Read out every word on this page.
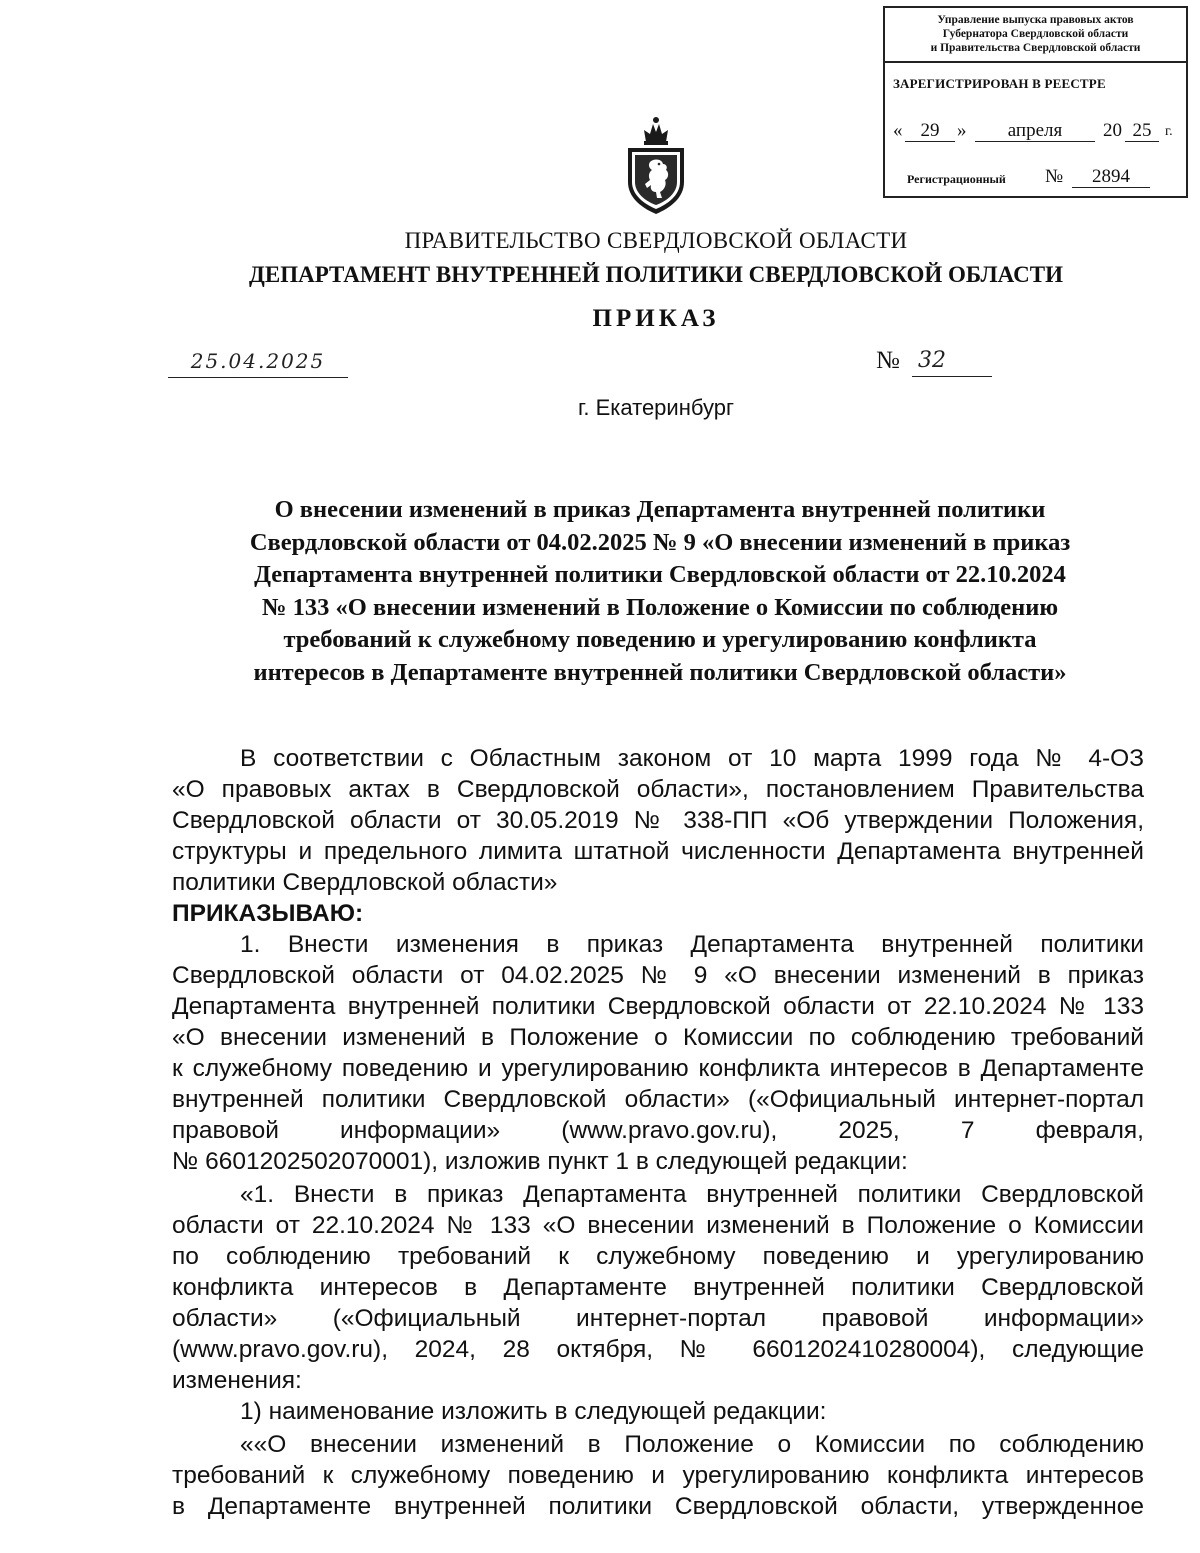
Управление выпуска правовых актов
Губернатора Свердловской области
и Правительства Свердловской области
ЗАРЕГИСТРИРОВАН В РЕЕСТРЕ
« 29 »	апреля	20 25 г.
Регистрационный №	2894
ПРАВИТЕЛЬСТВО СВЕРДЛОВСКОЙ ОБЛАСТИ
ДЕПАРТАМЕНТ ВНУТРЕННЕЙ ПОЛИТИКИ СВЕРДЛОВСКОЙ ОБЛАСТИ
ПРИКАЗ
25.04.2025	№ 32
г. Екатеринбург
О внесении изменений в приказ Департамента внутренней политики
Свердловской области от 04.02.2025 № 9 «О внесении изменений в приказ
Департамента внутренней политики Свердловской области от 22.10.2024
№ 133 «О внесении изменений в Положение о Комиссии по соблюдению
требований к служебному поведению и урегулированию конфликта
интересов в Департаменте внутренней политики Свердловской области»
В соответствии с Областным законом от 10 марта 1999 года № 4-ОЗ
«О правовых актах в Свердловской области», постановлением Правительства
Свердловской области от 30.05.2019 № 338-ПП «Об утверждении Положения,
структуры и предельного лимита штатной численности Департамента внутренней
политики Свердловской области»
ПРИКАЗЫВАЮ:
1. Внести изменения в приказ Департамента внутренней политики
Свердловской области от 04.02.2025 № 9 «О внесении изменений в приказ
Департамента внутренней политики Свердловской области от 22.10.2024 № 133
«О внесении изменений в Положение о Комиссии по соблюдению требований
к служебному поведению и урегулированию конфликта интересов в Департаменте
внутренней политики Свердловской области» («Официальный интернет-портал
правовой информации» (www.pravo.gov.ru), 2025, 7 февраля,
№ 6601202502070001), изложив пункт 1 в следующей редакции:
«1. Внести в приказ Департамента внутренней политики Свердловской
области от 22.10.2024 № 133 «О внесении изменений в Положение о Комиссии
по соблюдению требований к служебному поведению и урегулированию
конфликта интересов в Департаменте внутренней политики Свердловской
области» («Официальный интернет-портал правовой информации»
(www.pravo.gov.ru), 2024, 28 октября, № 6601202410280004), следующие
изменения:
1) наименование изложить в следующей редакции:
««О внесении изменений в Положение о Комиссии по соблюдению
требований к служебному поведению и урегулированию конфликта интересов
в Департаменте внутренней политики Свердловской области, утвержденное
